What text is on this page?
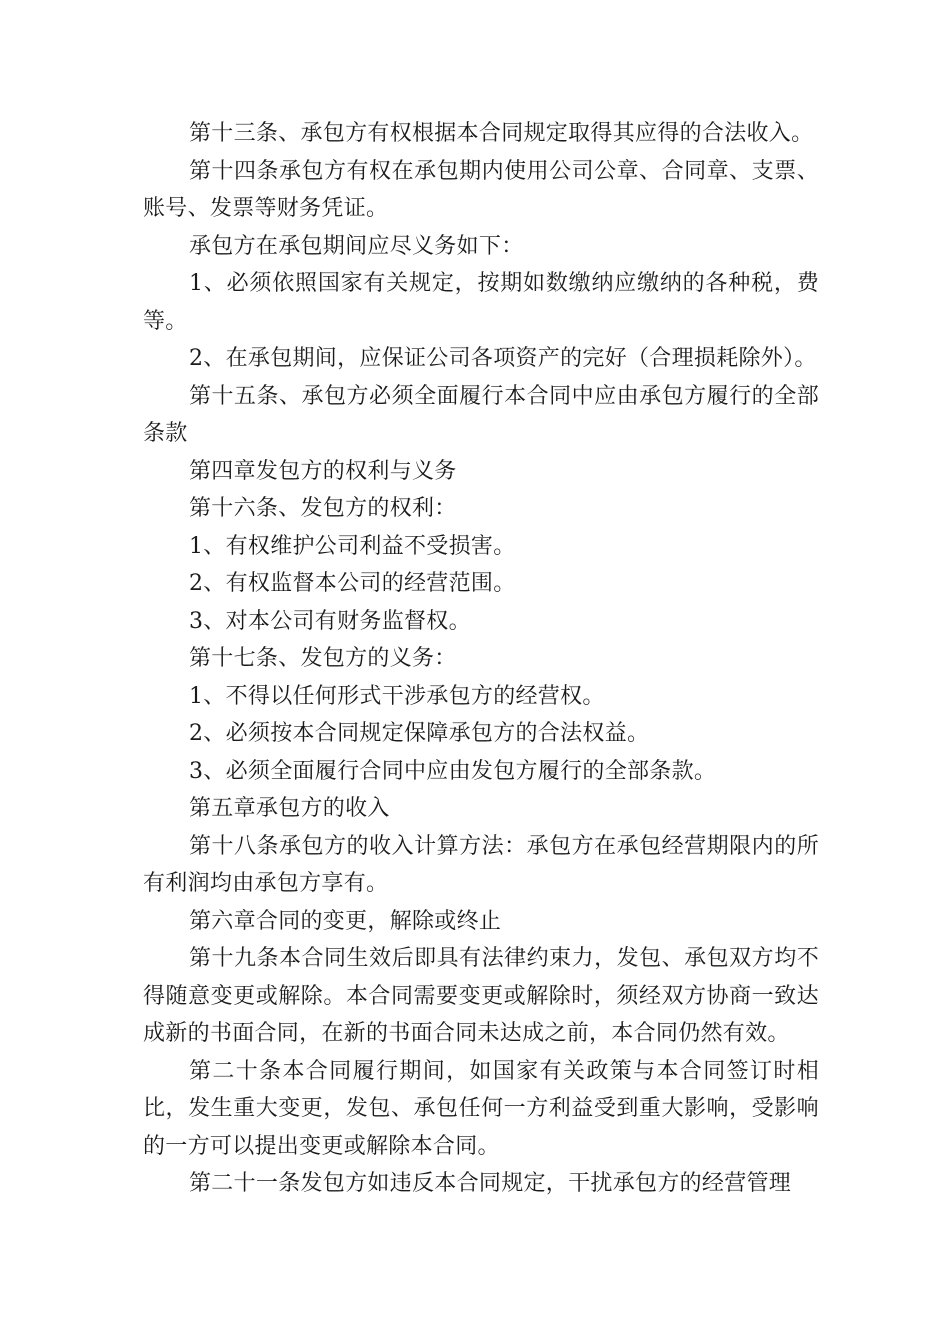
第十三条、承包方有权根据本合同规定取得其应得的合法收入。

第十四条承包方有权在承包期内使用公司公章、合同章、支票、账号、发票等财务凭证。

承包方在承包期间应尽义务如下：

1、必须依照国家有关规定，按期如数缴纳应缴纳的各种税，费等。

2、在承包期间，应保证公司各项资产的完好（合理损耗除外）。

第十五条、承包方必须全面履行本合同中应由承包方履行的全部条款

第四章发包方的权利与义务

第十六条、发包方的权利：

1、有权维护公司利益不受损害。

2、有权监督本公司的经营范围。

3、对本公司有财务监督权。

第十七条、发包方的义务：

1、不得以任何形式干涉承包方的经营权。

2、必须按本合同规定保障承包方的合法权益。

3、必须全面履行合同中应由发包方履行的全部条款。

第五章承包方的收入

第十八条承包方的收入计算方法：承包方在承包经营期限内的所有利润均由承包方享有。

第六章合同的变更，解除或终止

第十九条本合同生效后即具有法律约束力，发包、承包双方均不得随意变更或解除。本合同需要变更或解除时，须经双方协商一致达成新的书面合同，在新的书面合同未达成之前，本合同仍然有效。

第二十条本合同履行期间，如国家有关政策与本合同签订时相比，发生重大变更，发包、承包任何一方利益受到重大影响，受影响的一方可以提出变更或解除本合同。

第二十一条发包方如违反本合同规定，干扰承包方的经营管理
